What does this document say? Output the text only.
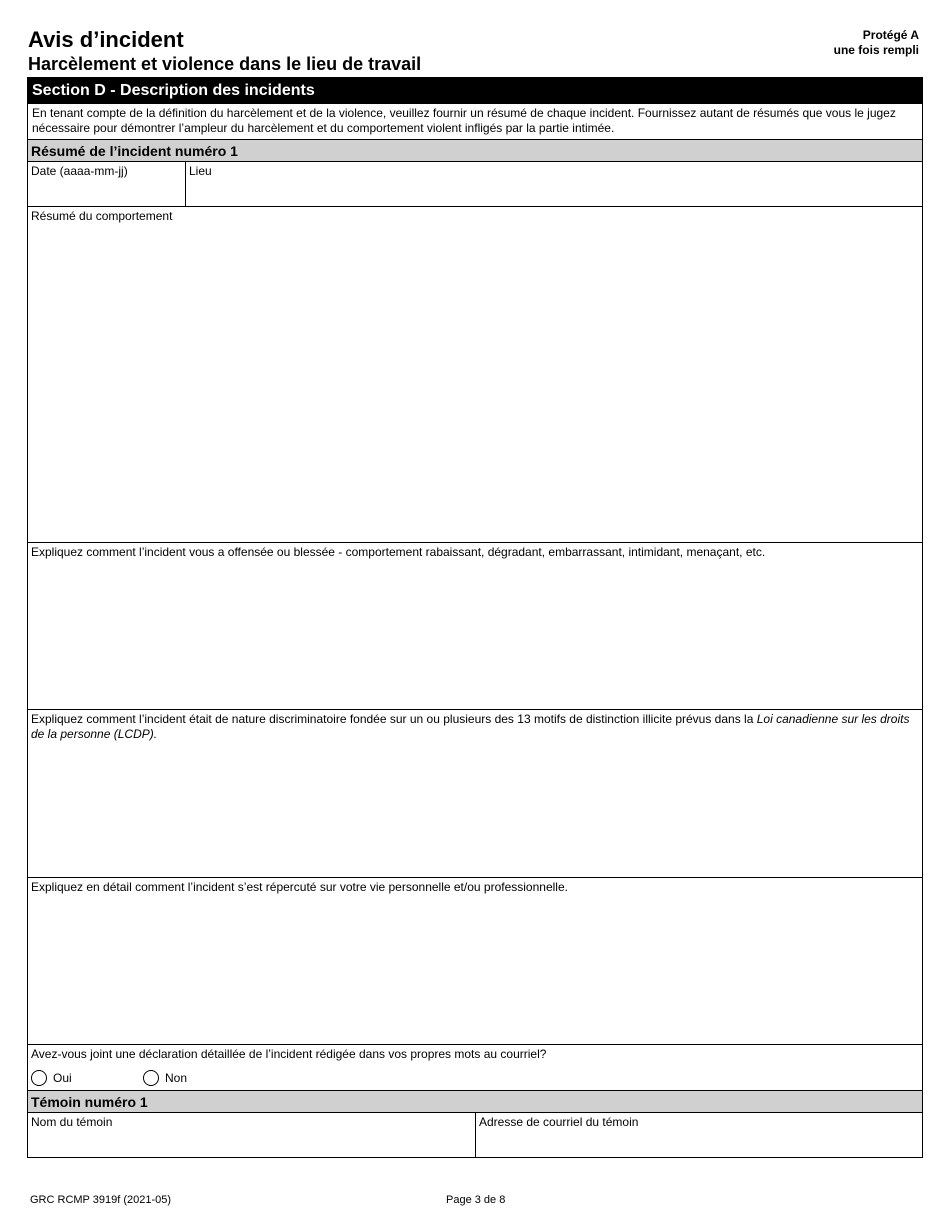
Avis d’incident
Harcèlement et violence dans le lieu de travail
Protégé A
une fois rempli
Section D - Description des incidents
En tenant compte de la définition du harcèlement et de la violence, veuillez fournir un résumé de chaque incident. Fournissez autant de résumés que vous le jugez nécessaire pour démontrer l’ampleur du harcèlement et du comportement violent infligés par la partie intimée.
Résumé de l’incident numéro 1
Date (aaaa-mm-jj)	Lieu
Résumé du comportement
Expliquez comment l’incident vous a offensée ou blessée - comportement rabaissant, dégradant, embarrassant, intimidant, menaçant, etc.
Expliquez comment l’incident était de nature discriminatoire fondée sur un ou plusieurs des 13 motifs de distinction illicite prévus dans la Loi canadienne sur les droits de la personne (LCDP).
Expliquez en détail comment l’incident s’est répercuté sur votre vie personnelle et/ou professionnelle.
Avez-vous joint une déclaration détaillée de l’incident rédigée dans vos propres mots au courriel?
Oui	Non
Témoin numéro 1
Nom du témoin	Adresse de courriel du témoin
GRC RCMP 3919f (2021-05)	Page 3 de 8
